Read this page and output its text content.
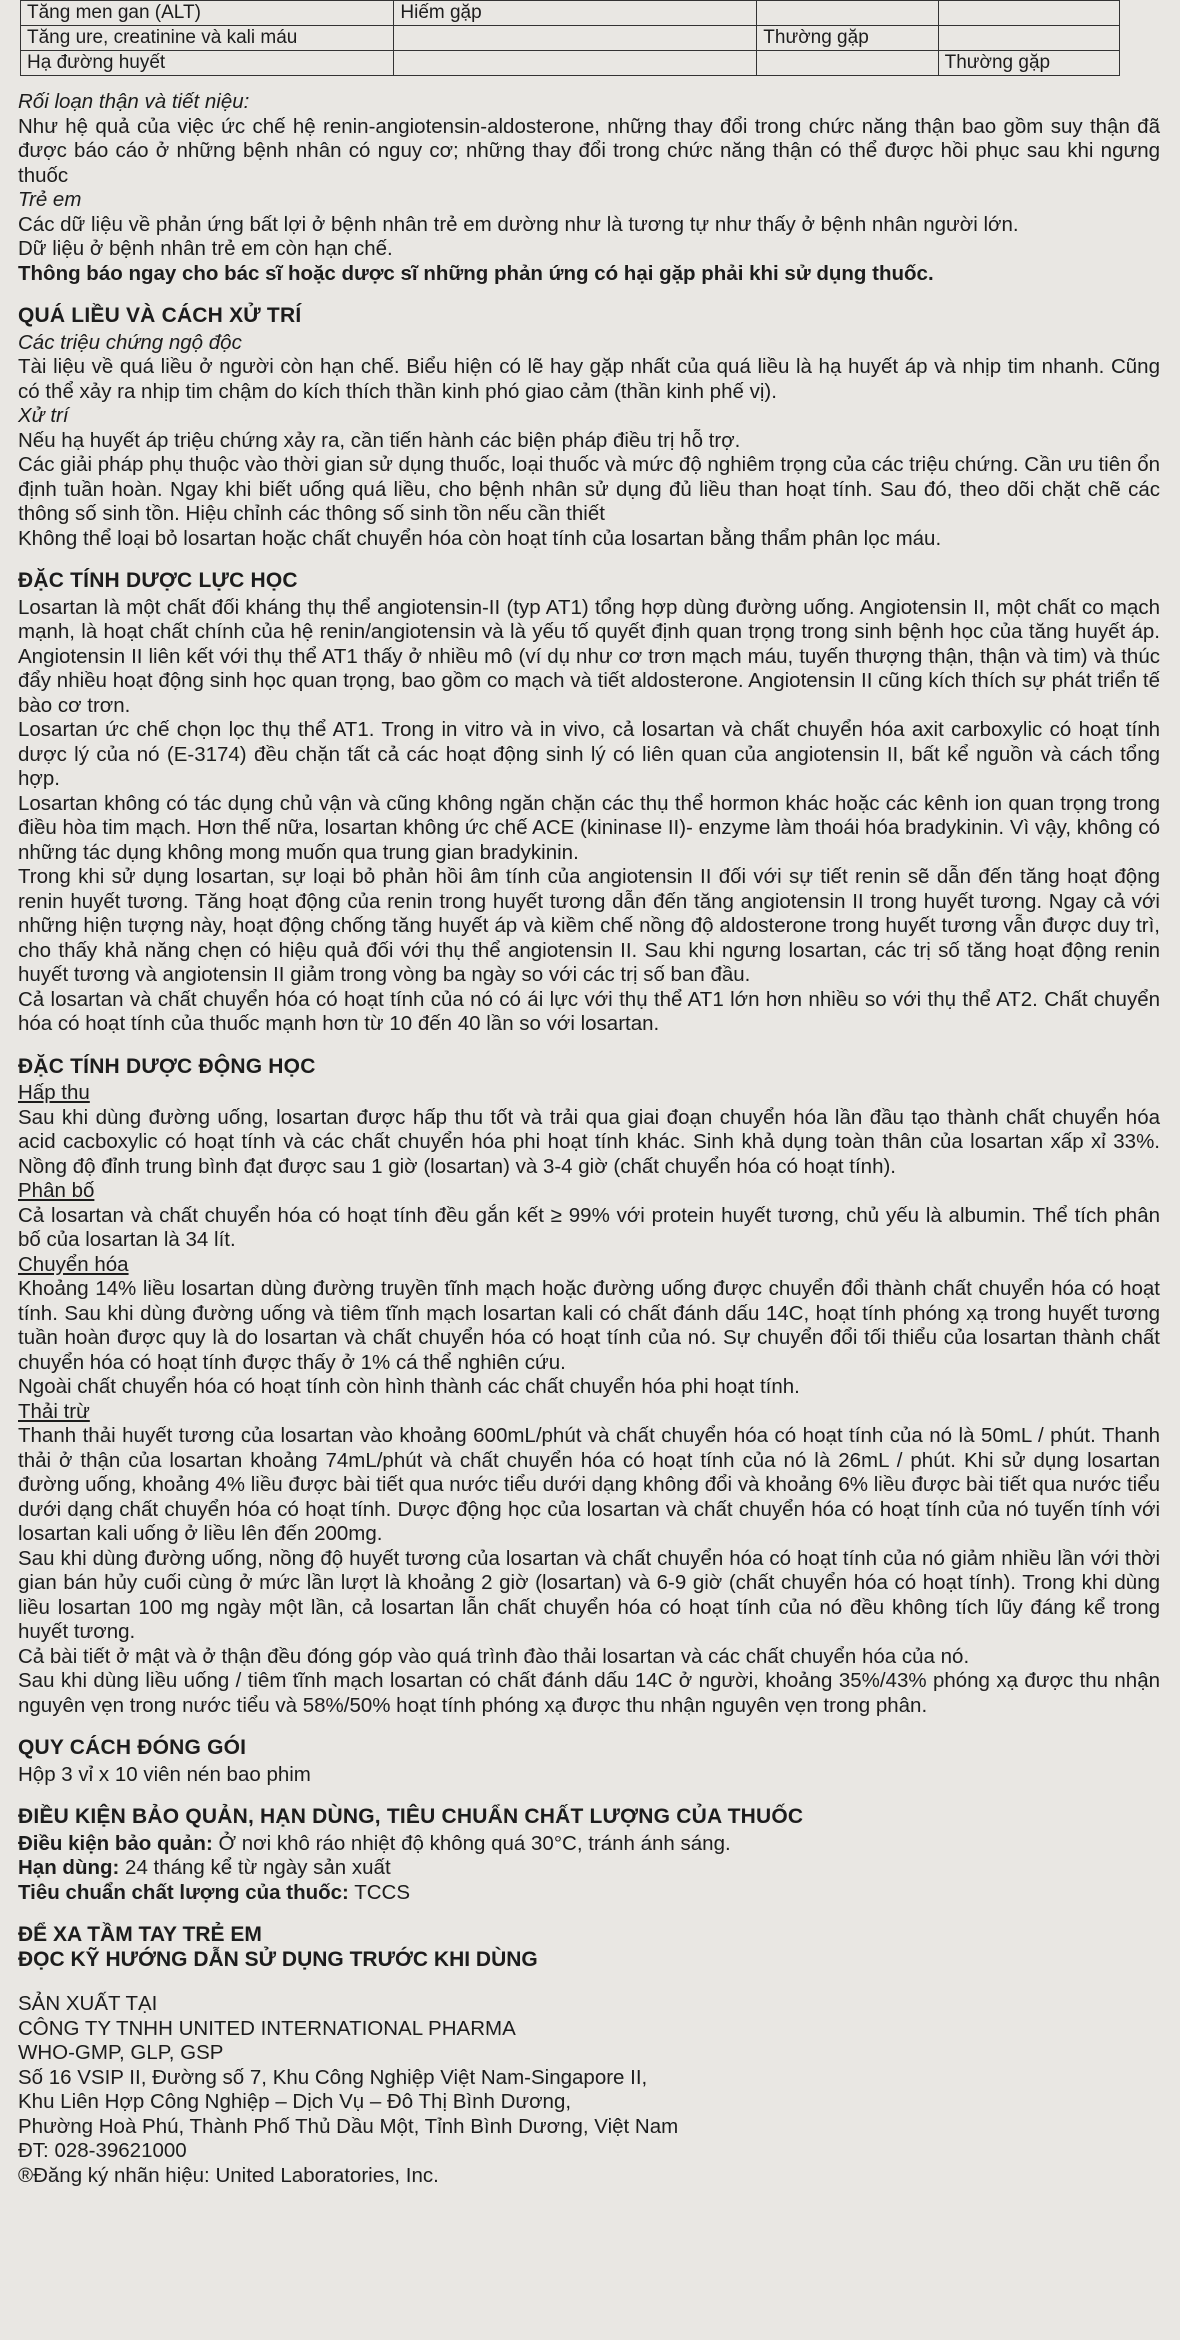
Tăng men gan (ALT)	Hiếm gặp		
Tăng ure, creatinine và kali máu		Thường gặp	
Hạ đường huyết			Thường gặp

Rối loạn thận và tiết niệu:

Như hệ quả của việc ức chế hệ renin-angiotensin-aldosterone, những thay đổi trong chức năng thận bao gồm suy thận đã được báo cáo ở những bệnh nhân có nguy cơ; những thay đổi trong chức năng thận có thể được hồi phục sau khi ngưng thuốc

Trẻ em

Các dữ liệu về phản ứng bất lợi ở bệnh nhân trẻ em dường như là tương tự như thấy ở bệnh nhân người lớn.

Dữ liệu ở bệnh nhân trẻ em còn hạn chế.

Thông báo ngay cho bác sĩ hoặc dược sĩ những phản ứng có hại gặp phải khi sử dụng thuốc.

QUÁ LIỀU VÀ CÁCH XỬ TRÍ

Các triệu chứng ngộ độc

Tài liệu về quá liều ở người còn hạn chế. Biểu hiện có lẽ hay gặp nhất của quá liều là hạ huyết áp và nhịp tim nhanh. Cũng có thể xảy ra nhịp tim chậm do kích thích thần kinh phó giao cảm (thần kinh phế vị).

Xử trí

Nếu hạ huyết áp triệu chứng xảy ra, cần tiến hành các biện pháp điều trị hỗ trợ.

Các giải pháp phụ thuộc vào thời gian sử dụng thuốc, loại thuốc và mức độ nghiêm trọng của các triệu chứng. Cần ưu tiên ổn định tuần hoàn. Ngay khi biết uống quá liều, cho bệnh nhân sử dụng đủ liều than hoạt tính. Sau đó, theo dõi chặt chẽ các thông số sinh tồn. Hiệu chỉnh các thông số sinh tồn nếu cần thiết

Không thể loại bỏ losartan hoặc chất chuyển hóa còn hoạt tính của losartan bằng thẩm phân lọc máu.

ĐẶC TÍNH DƯỢC LỰC HỌC

Losartan là một chất đối kháng thụ thể angiotensin-II (typ AT1) tổng hợp dùng đường uống. Angiotensin II, một chất co mạch mạnh, là hoạt chất chính của hệ renin/angiotensin và là yếu tố quyết định quan trọng trong sinh bệnh học của tăng huyết áp. Angiotensin II liên kết với thụ thể AT1 thấy ở nhiều mô (ví dụ như cơ trơn mạch máu, tuyến thượng thận, thận và tim) và thúc đẩy nhiều hoạt động sinh học quan trọng, bao gồm co mạch và tiết aldosterone. Angiotensin II cũng kích thích sự phát triển tế bào cơ trơn.

Losartan ức chế chọn lọc thụ thể AT1. Trong in vitro và in vivo, cả losartan và chất chuyển hóa axit carboxylic có hoạt tính dược lý của nó (E-3174) đều chặn tất cả các hoạt động sinh lý có liên quan của angiotensin II, bất kể nguồn và cách tổng hợp.

Losartan không có tác dụng chủ vận và cũng không ngăn chặn các thụ thể hormon khác hoặc các kênh ion quan trọng trong điều hòa tim mạch. Hơn thế nữa, losartan không ức chế ACE (kininase II)- enzyme làm thoái hóa bradykinin. Vì vậy, không có những tác dụng không mong muốn qua trung gian bradykinin.

Trong khi sử dụng losartan, sự loại bỏ phản hồi âm tính của angiotensin II đối với sự tiết renin sẽ dẫn đến tăng hoạt động renin huyết tương. Tăng hoạt động của renin trong huyết tương dẫn đến tăng angiotensin II trong huyết tương. Ngay cả với những hiện tượng này, hoạt động chống tăng huyết áp và kiềm chế nồng độ aldosterone trong huyết tương vẫn được duy trì, cho thấy khả năng chẹn có hiệu quả đối với thụ thể angiotensin II. Sau khi ngưng losartan, các trị số tăng hoạt động renin huyết tương và angiotensin II giảm trong vòng ba ngày so với các trị số ban đầu.

Cả losartan và chất chuyển hóa có hoạt tính của nó có ái lực với thụ thể AT1 lớn hơn nhiều so với thụ thể AT2. Chất chuyển hóa có hoạt tính của thuốc mạnh hơn từ 10 đến 40 lần so với losartan.

ĐẶC TÍNH DƯỢC ĐỘNG HỌC

Hấp thu

Sau khi dùng đường uống, losartan được hấp thu tốt và trải qua giai đoạn chuyển hóa lần đầu tạo thành chất chuyển hóa acid cacboxylic có hoạt tính và các chất chuyển hóa phi hoạt tính khác. Sinh khả dụng toàn thân của losartan xấp xỉ 33%. Nồng độ đỉnh trung bình đạt được sau 1 giờ (losartan) và 3-4 giờ (chất chuyển hóa có hoạt tính).

Phân bố

Cả losartan và chất chuyển hóa có hoạt tính đều gắn kết ≥ 99% với protein huyết tương, chủ yếu là albumin. Thể tích phân bố của losartan là 34 lít.

Chuyển hóa

Khoảng 14% liều losartan dùng đường truyền tĩnh mạch hoặc đường uống được chuyển đổi thành chất chuyển hóa có hoạt tính. Sau khi dùng đường uống và tiêm tĩnh mạch losartan kali có chất đánh dấu 14C, hoạt tính phóng xạ trong huyết tương tuần hoàn được quy là do losartan và chất chuyển hóa có hoạt tính của nó. Sự chuyển đổi tối thiểu của losartan thành chất chuyển hóa có hoạt tính được thấy ở 1% cá thể nghiên cứu.

Ngoài chất chuyển hóa có hoạt tính còn hình thành các chất chuyển hóa phi hoạt tính.

Thải trừ

Thanh thải huyết tương của losartan vào khoảng 600mL/phút và chất chuyển hóa có hoạt tính của nó là 50mL / phút. Thanh thải ở thận của losartan khoảng 74mL/phút và chất chuyển hóa có hoạt tính của nó là 26mL / phút. Khi sử dụng losartan đường uống, khoảng 4% liều được bài tiết qua nước tiểu dưới dạng không đổi và khoảng 6% liều được bài tiết qua nước tiểu dưới dạng chất chuyển hóa có hoạt tính. Dược động học của losartan và chất chuyển hóa có hoạt tính của nó tuyến tính với losartan kali uống ở liều lên đến 200mg.

Sau khi dùng đường uống, nồng độ huyết tương của losartan và chất chuyển hóa có hoạt tính của nó giảm nhiều lần với thời gian bán hủy cuối cùng ở mức lần lượt là khoảng 2 giờ (losartan) và 6-9 giờ (chất chuyển hóa có hoạt tính). Trong khi dùng liều losartan 100 mg ngày một lần, cả losartan lẫn chất chuyển hóa có hoạt tính của nó đều không tích lũy đáng kể trong huyết tương.

Cả bài tiết ở mật và ở thận đều đóng góp vào quá trình đào thải losartan và các chất chuyển hóa của nó.

Sau khi dùng liều uống / tiêm tĩnh mạch losartan có chất đánh dấu 14C ở người, khoảng 35%/43% phóng xạ được thu nhận nguyên vẹn trong nước tiểu và 58%/50% hoạt tính phóng xạ được thu nhận nguyên vẹn trong phân.

QUY CÁCH ĐÓNG GÓI

Hộp 3 vỉ x 10 viên nén bao phim

ĐIỀU KIỆN BẢO QUẢN, HẠN DÙNG, TIÊU CHUẨN CHẤT LƯỢNG CỦA THUỐC

Điều kiện bảo quản: Ở nơi khô ráo nhiệt độ không quá 30°C, tránh ánh sáng.

Hạn dùng: 24 tháng kể từ ngày sản xuất

Tiêu chuẩn chất lượng của thuốc: TCCS

ĐỂ XA TẦM TAY TRẺ EM

ĐỌC KỸ HƯỚNG DẪN SỬ DỤNG TRƯỚC KHI DÙNG

SẢN XUẤT TẠI

CÔNG TY TNHH UNITED INTERNATIONAL PHARMA

WHO-GMP, GLP, GSP

Số 16 VSIP II, Đường số 7, Khu Công Nghiệp Việt Nam-Singapore II,

Khu Liên Hợp Công Nghiệp – Dịch Vụ – Đô Thị Bình Dương,

Phường Hoà Phú, Thành Phố Thủ Dầu Một, Tỉnh Bình Dương, Việt Nam

ĐT: 028-39621000

®Đăng ký nhãn hiệu: United Laboratories, Inc.
